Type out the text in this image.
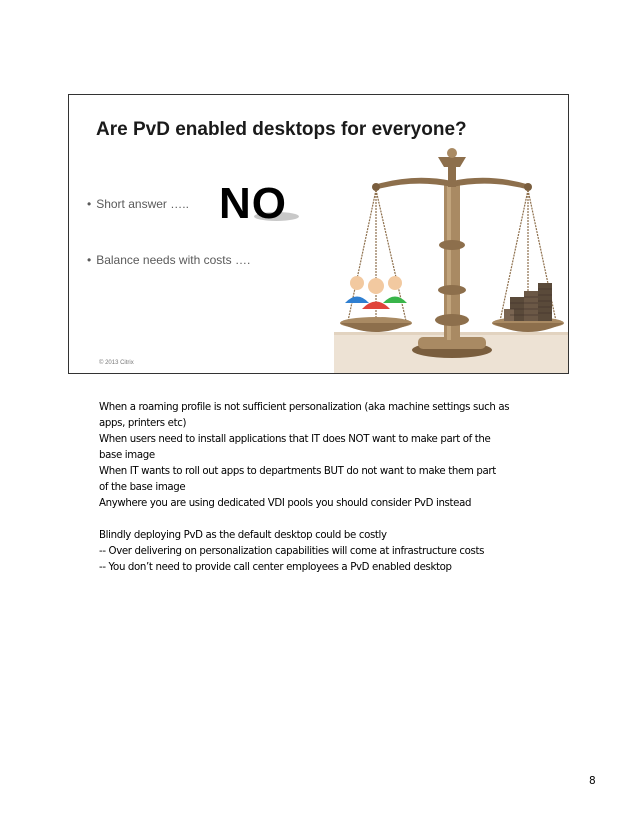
Are PvD enabled desktops for everyone?
• Short answer ….. NO
• Balance needs with costs ….
© 2013 Citrix

When a roaming profile is not sufficient personalization (aka machine settings such as

apps, printers etc)

When users need to install applications that IT does NOT want to make part of the

base image

When IT wants to roll out apps to departments BUT do not want to make them part

of the base image

Anywhere you are using dedicated VDI pools you should consider PvD instead

Blindly deploying PvD as the default desktop could be costly

-- Over delivering on personalization capabilities will come at infrastructure costs

-- You don’t need to provide call center employees a PvD enabled desktop

8
